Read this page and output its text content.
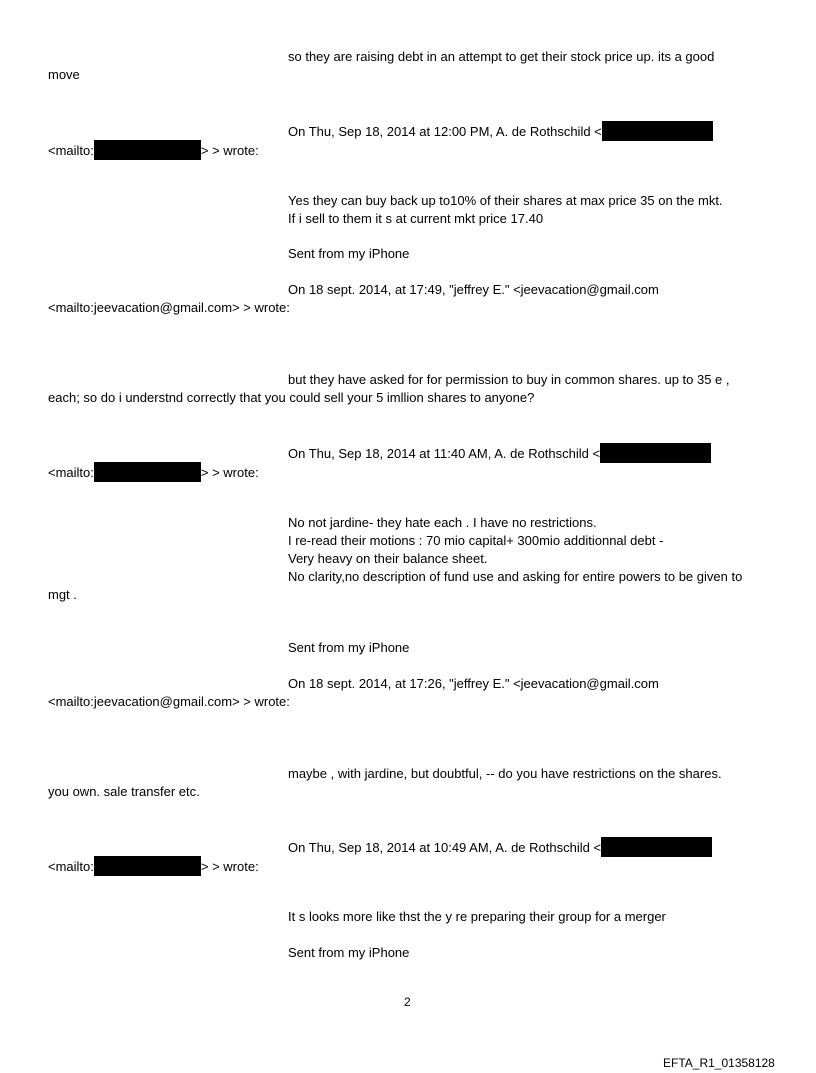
so they are raising debt in an attempt to get their stock price up. its a good
move
On Thu, Sep 18, 2014 at 12:00 PM, A. de Rothschild <
<mailto:	> > wrote:
Yes they can buy back up to10% of their shares at max price 35 on the mkt.
If i sell to them it s at current mkt price 17.40
Sent from my iPhone
On 18 sept. 2014, at 17:49, "jeffrey E." <jeevacation@gmail.com
<mailto:jeevacation@gmail.com> > wrote:
but they have asked for for permission to buy in common shares. up to 35 e ,
each; so do i understnd correctly that you could sell your 5 imllion shares to anyone?
On Thu, Sep 18, 2014 at 11:40 AM, A. de Rothschild <
<mailto:	> > wrote:
No not jardine- they hate each . I have no restrictions.
I re-read their motions : 70 mio capital+ 300mio additionnal debt -
Very heavy on their balance sheet.
No clarity,no description of fund use and asking for entire powers to be given to
mgt .
Sent from my iPhone
On 18 sept. 2014, at 17:26, "jeffrey E." <jeevacation@gmail.com
<mailto:jeevacation@gmail.com> > wrote:
maybe , with jardine, but doubtful, -- do you have restrictions on the shares.
you own. sale transfer etc.
On Thu, Sep 18, 2014 at 10:49 AM, A. de Rothschild <
<mailto:	> > wrote:
It s looks more like thst the y re preparing their group for a merger
Sent from my iPhone
2
EFTA_R1_01358128
